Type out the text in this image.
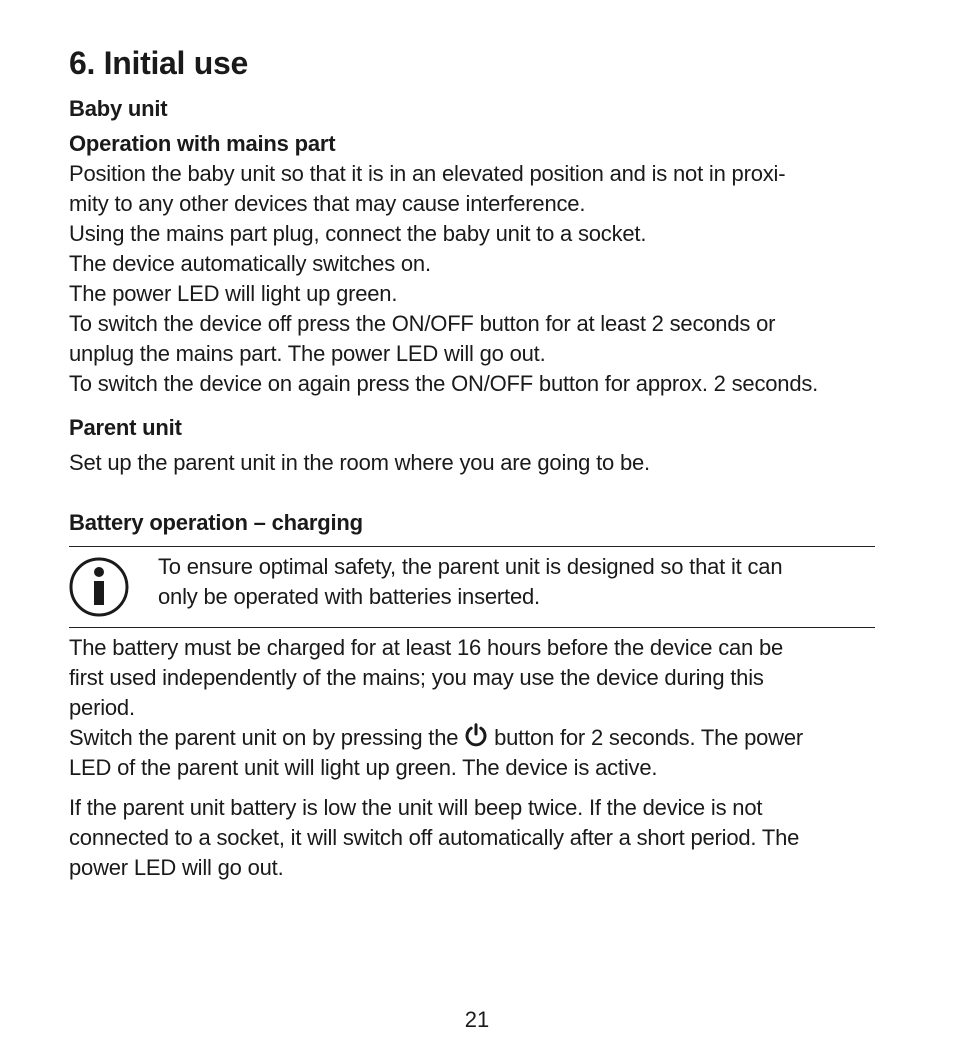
6. Initial use
Baby unit
Operation with mains part

Position the baby unit so that it is in an elevated position and is not in proxi-

mity to any other devices that may cause interference.

Using the mains part plug, connect the baby unit to a socket.

The device automatically switches on.

The power LED will light up green.

To switch the device off press the ON/OFF button for at least 2 seconds or

unplug the mains part. The power LED will go out.

To switch the device on again press the ON/OFF button for approx. 2 seconds.

Parent unit

Set up the parent unit in the room where you are going to be.

Battery operation – charging

To ensure optimal safety, the parent unit is designed so that it can

only be operated with batteries inserted.

The battery must be charged for at least 16 hours before the device can be

first used independently of the mains; you may use the device during this

period.

Switch the parent unit on by pressing the  button for 2 seconds. The power

LED of the parent unit will light up green. The device is active.

If the parent unit battery is low the unit will beep twice. If the device is not

connected to a socket, it will switch off automatically after a short period. The

power LED will go out.

21
